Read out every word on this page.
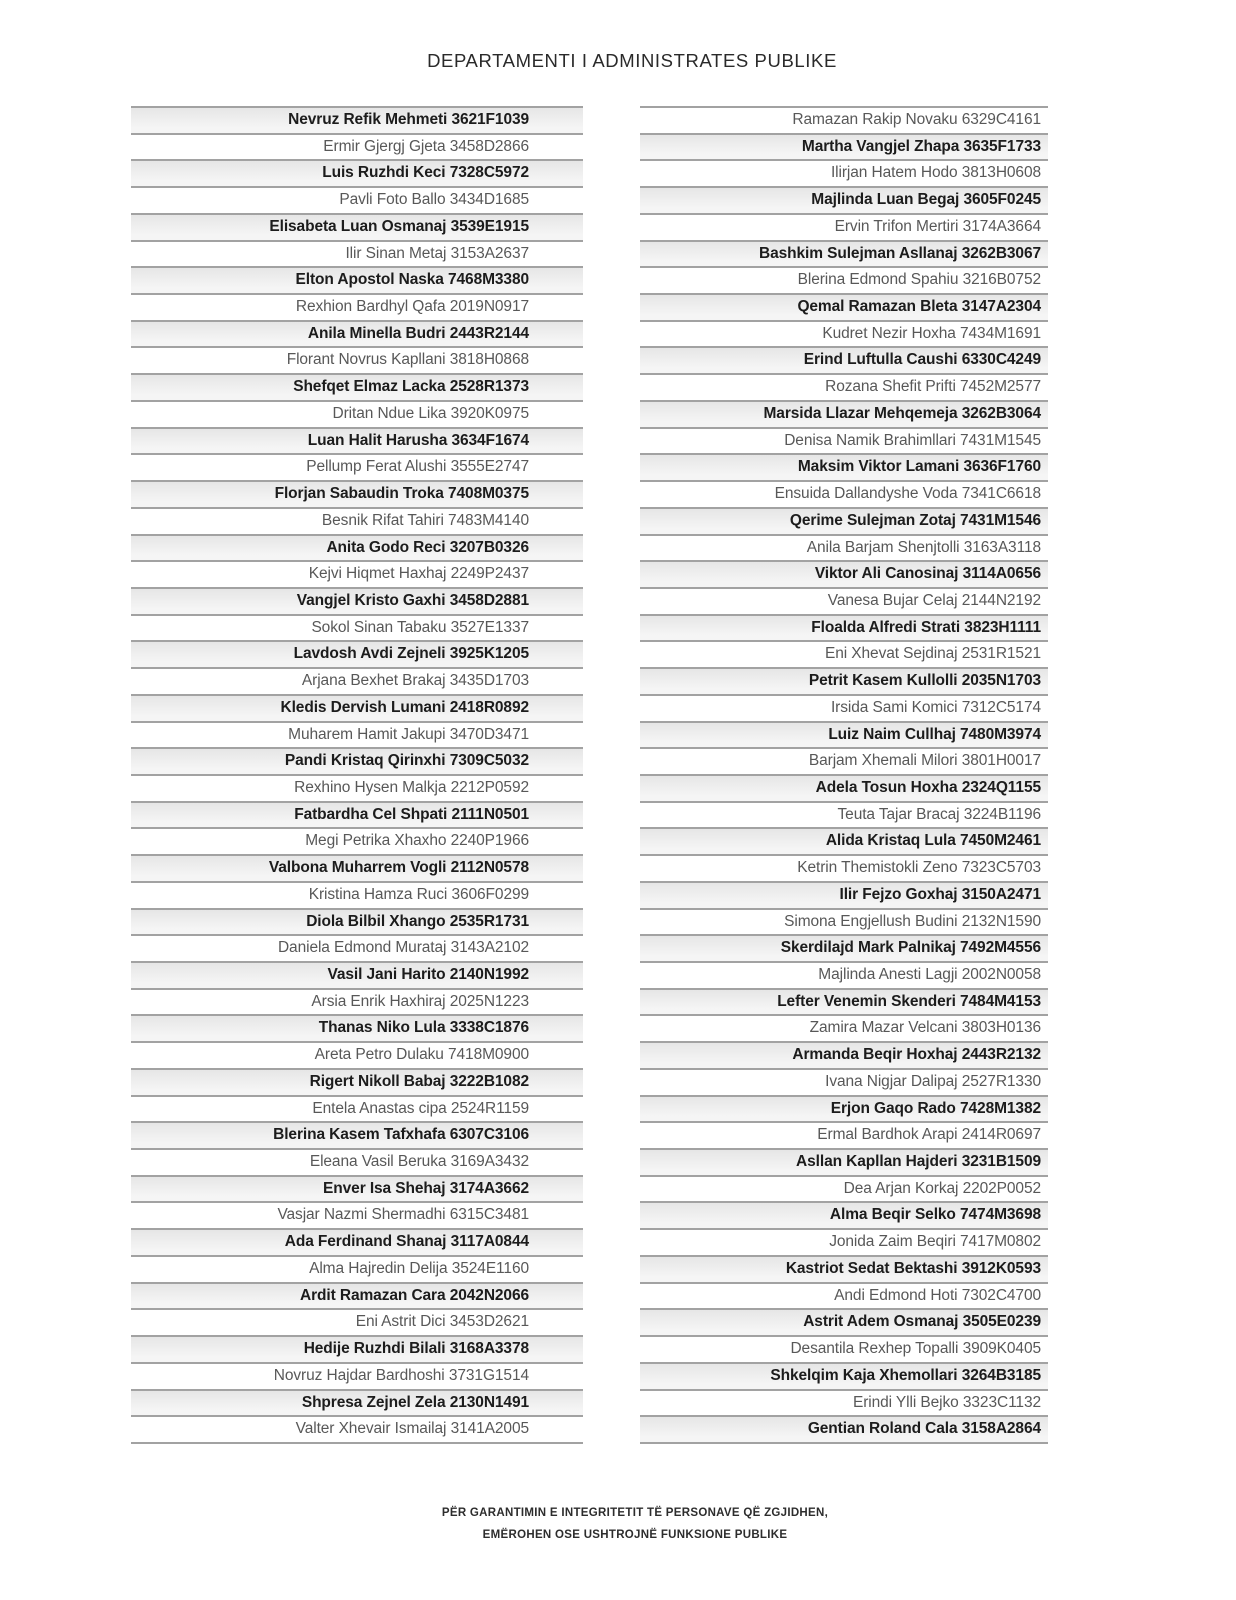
DEPARTAMENTI I ADMINISTRATES PUBLIKE
Nevruz Refik Mehmeti 3621F1039
Ermir Gjergj Gjeta 3458D2866
Luis Ruzhdi Keci 7328C5972
Pavli Foto Ballo 3434D1685
Elisabeta Luan Osmanaj 3539E1915
Ilir Sinan Metaj 3153A2637
Elton Apostol Naska 7468M3380
Rexhion Bardhyl Qafa 2019N0917
Anila Minella Budri 2443R2144
Florant Novrus Kapllani 3818H0868
Shefqet Elmaz Lacka 2528R1373
Dritan Ndue Lika 3920K0975
Luan Halit Harusha 3634F1674
Pellump Ferat Alushi 3555E2747
Florjan Sabaudin Troka 7408M0375
Besnik Rifat Tahiri 7483M4140
Anita Godo Reci 3207B0326
Kejvi Hiqmet Haxhaj 2249P2437
Vangjel Kristo Gaxhi 3458D2881
Sokol Sinan Tabaku 3527E1337
Lavdosh Avdi Zejneli 3925K1205
Arjana Bexhet Brakaj 3435D1703
Kledis Dervish Lumani 2418R0892
Muharem Hamit Jakupi 3470D3471
Pandi Kristaq Qirinxhi 7309C5032
Rexhino Hysen Malkja 2212P0592
Fatbardha Cel Shpati 2111N0501
Megi Petrika Xhaxho 2240P1966
Valbona Muharrem Vogli 2112N0578
Kristina Hamza Ruci 3606F0299
Diola Bilbil Xhango 2535R1731
Daniela Edmond Murataj 3143A2102
Vasil Jani Harito 2140N1992
Arsia Enrik Haxhiraj 2025N1223
Thanas Niko Lula 3338C1876
Areta Petro Dulaku 7418M0900
Rigert Nikoll Babaj 3222B1082
Entela Anastas cipa 2524R1159
Blerina Kasem Tafxhafa 6307C3106
Eleana Vasil Beruka 3169A3432
Enver Isa Shehaj 3174A3662
Vasjar Nazmi Shermadhi 6315C3481
Ada Ferdinand Shanaj 3117A0844
Alma Hajredin Delija 3524E1160
Ardit Ramazan Cara 2042N2066
Eni Astrit Dici 3453D2621
Hedije Ruzhdi Bilali 3168A3378
Novruz Hajdar Bardhoshi 3731G1514
Shpresa Zejnel Zela 2130N1491
Valter Xhevair Ismailaj 3141A2005
Ramazan Rakip Novaku 6329C4161
Martha Vangjel Zhapa 3635F1733
Ilirjan Hatem Hodo 3813H0608
Majlinda Luan Begaj 3605F0245
Ervin Trifon Mertiri 3174A3664
Bashkim Sulejman Asllanaj 3262B3067
Blerina Edmond Spahiu 3216B0752
Qemal Ramazan Bleta 3147A2304
Kudret Nezir Hoxha 7434M1691
Erind Luftulla Caushi 6330C4249
Rozana Shefit Prifti 7452M2577
Marsida Llazar Mehqemeja 3262B3064
Denisa Namik Brahimllari 7431M1545
Maksim Viktor Lamani 3636F1760
Ensuida Dallandyshe Voda 7341C6618
Qerime Sulejman Zotaj 7431M1546
Anila Barjam Shenjtolli 3163A3118
Viktor Ali Canosinaj 3114A0656
Vanesa Bujar Celaj 2144N2192
Floalda Alfredi Strati 3823H1111
Eni Xhevat Sejdinaj 2531R1521
Petrit Kasem Kullolli 2035N1703
Irsida Sami Komici 7312C5174
Luiz Naim Cullhaj 7480M3974
Barjam Xhemali Milori 3801H0017
Adela Tosun Hoxha 2324Q1155
Teuta Tajar Bracaj 3224B1196
Alida Kristaq Lula 7450M2461
Ketrin Themistokli Zeno 7323C5703
Ilir Fejzo Goxhaj 3150A2471
Simona Engjellush Budini 2132N1590
Skerdilajd Mark Palnikaj 7492M4556
Majlinda Anesti Lagji 2002N0058
Lefter Venemin Skenderi 7484M4153
Zamira Mazar Velcani 3803H0136
Armanda Beqir Hoxhaj 2443R2132
Ivana Nigjar Dalipaj 2527R1330
Erjon Gaqo Rado 7428M1382
Ermal Bardhok Arapi 2414R0697
Asllan Kapllan Hajderi 3231B1509
Dea Arjan Korkaj 2202P0052
Alma Beqir Selko 7474M3698
Jonida Zaim Beqiri 7417M0802
Kastriot Sedat Bektashi 3912K0593
Andi Edmond Hoti 7302C4700
Astrit Adem Osmanaj 3505E0239
Desantila Rexhep Topalli 3909K0405
Shkelqim Kaja Xhemollari 3264B3185
Erindi Ylli Bejko 3323C1132
Gentian Roland Cala 3158A2864
PËR GARANTIMIN E INTEGRITETIT TË PERSONAVE QË ZGJIDHEN,
EMËROHEN OSE USHTROJNË FUNKSIONE PUBLIKE
